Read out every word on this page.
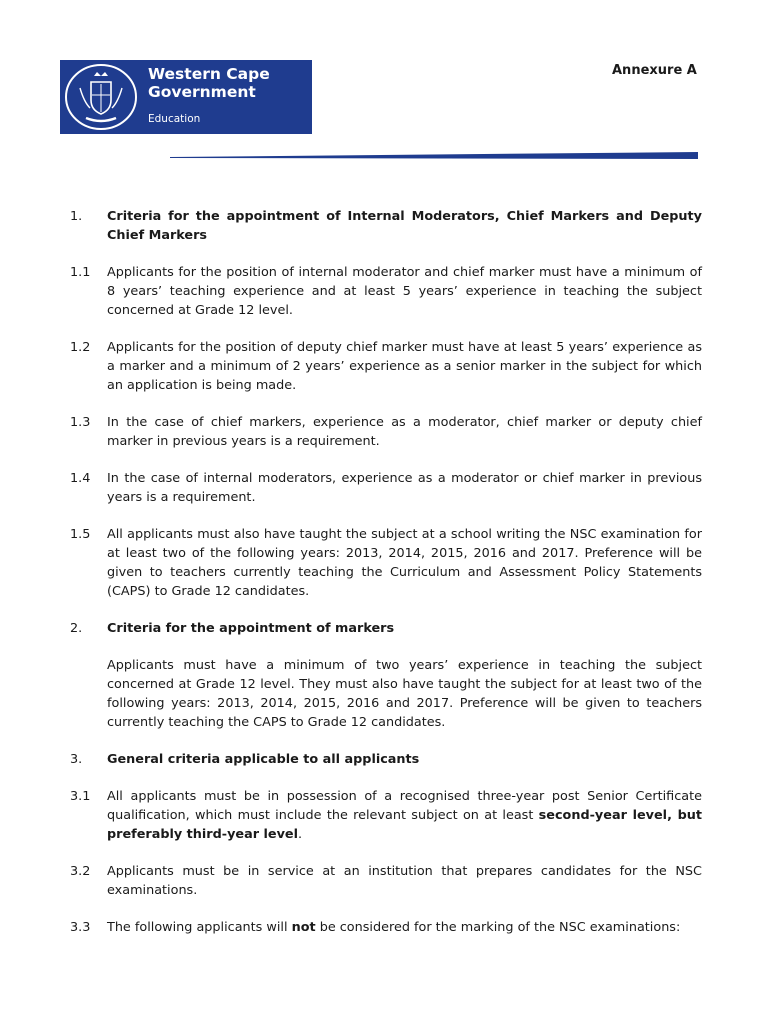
Western Cape Government
Education
Annexure A
1.	Criteria for the appointment of Internal Moderators, Chief Markers and Deputy Chief Markers
1.1	Applicants for the position of internal moderator and chief marker must have a minimum of 8 years’ teaching experience and at least 5 years’ experience in teaching the subject concerned at Grade 12 level.
1.2	Applicants for the position of deputy chief marker must have at least 5 years’ experience as a marker and a minimum of 2 years’ experience as a senior marker in the subject for which an application is being made.
1.3	In the case of chief markers, experience as a moderator, chief marker or deputy chief marker in previous years is a requirement.
1.4	In the case of internal moderators, experience as a moderator or chief marker in previous years is a requirement.
1.5	All applicants must also have taught the subject at a school writing the NSC examination for at least two of the following years: 2013, 2014, 2015, 2016 and 2017. Preference will be given to teachers currently teaching the Curriculum and Assessment Policy Statements (CAPS) to Grade 12 candidates.
2.	Criteria for the appointment of markers
Applicants must have a minimum of two years’ experience in teaching the subject concerned at Grade 12 level. They must also have taught the subject for at least two of the following years: 2013, 2014, 2015, 2016 and 2017. Preference will be given to teachers currently teaching the CAPS to Grade 12 candidates.
3.	General criteria applicable to all applicants
3.1	All applicants must be in possession of a recognised three-year post Senior Certificate qualification, which must include the relevant subject on at least second-year level, but preferably third-year level.
3.2	Applicants must be in service at an institution that prepares candidates for the NSC examinations.
3.3	The following applicants will not be considered for the marking of the NSC examinations:
